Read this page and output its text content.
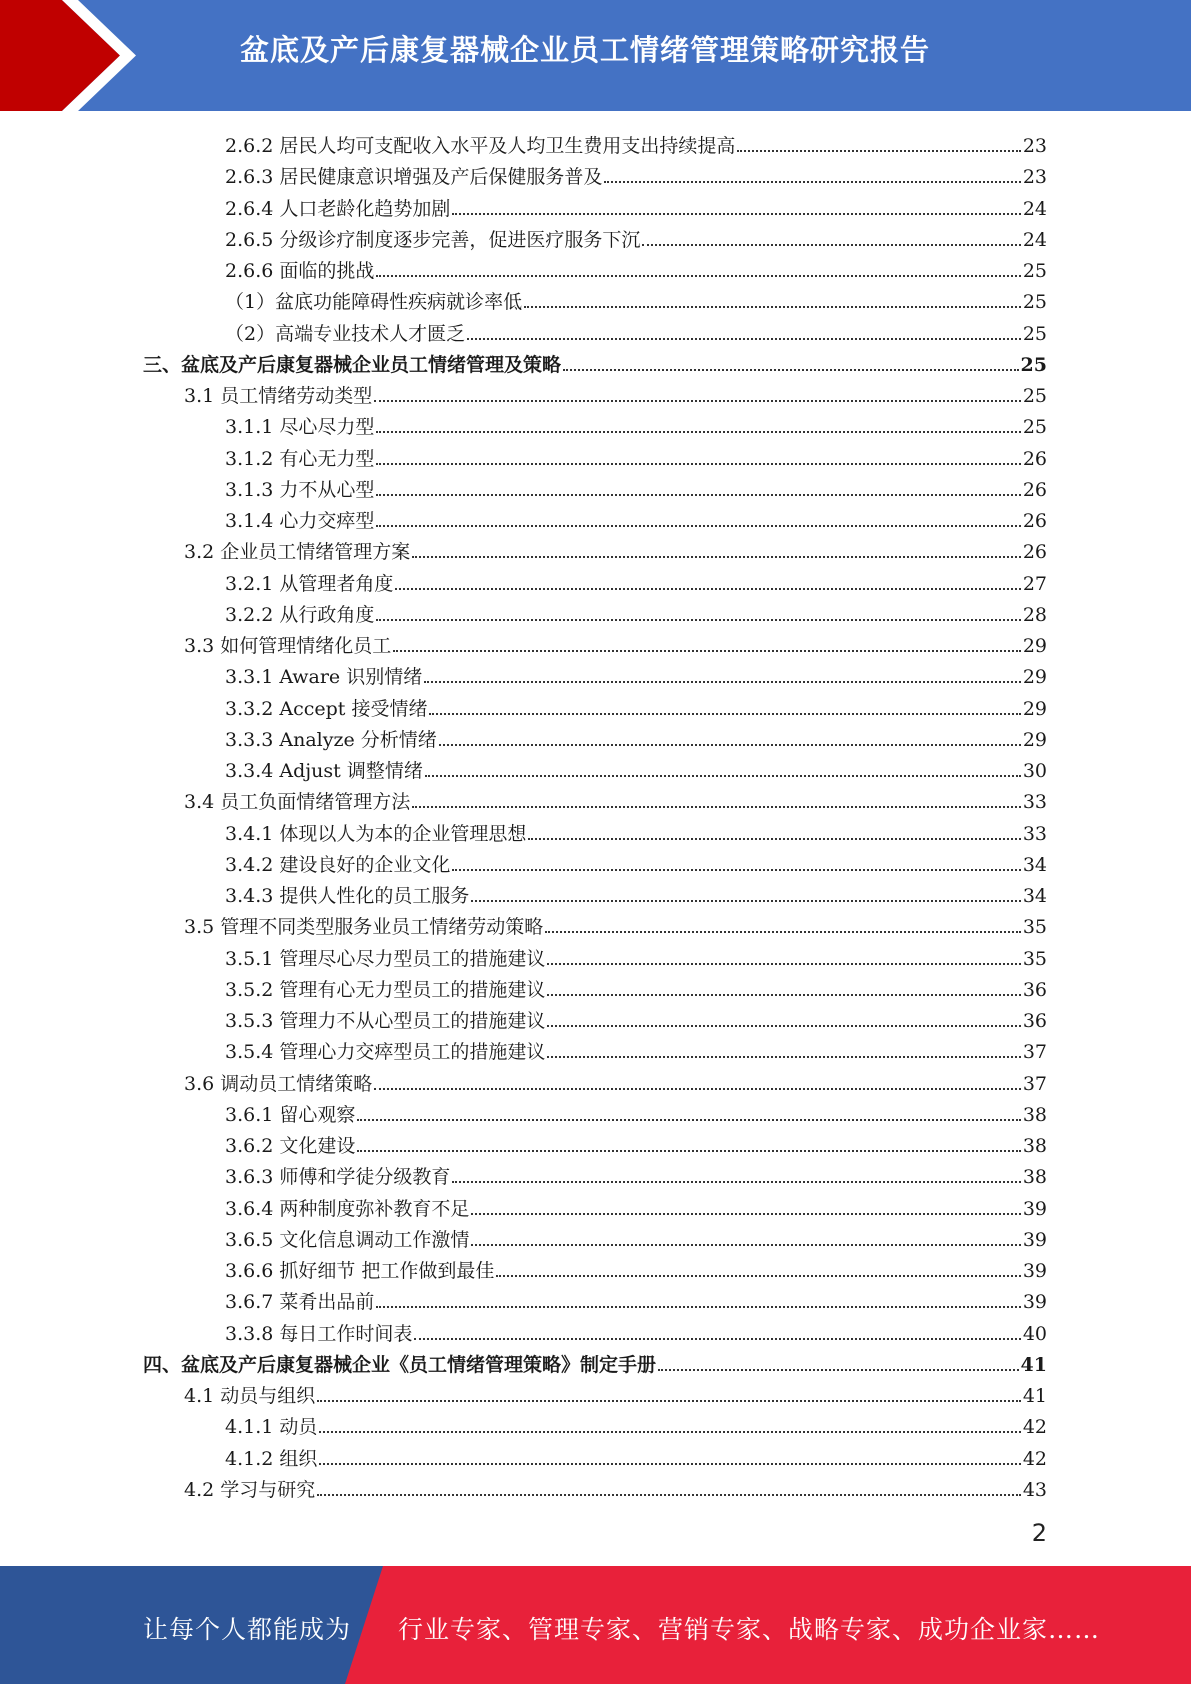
盆底及产后康复器械企业员工情绪管理策略研究报告
2.6.2 居民人均可支配收入水平及人均卫生费用支出持续提高	23
2.6.3 居民健康意识增强及产后保健服务普及	23
2.6.4 人口老龄化趋势加剧	24
2.6.5 分级诊疗制度逐步完善，促进医疗服务下沉	24
2.6.6 面临的挑战	25
（1）盆底功能障碍性疾病就诊率低	25
（2）高端专业技术人才匮乏	25
三、盆底及产后康复器械企业员工情绪管理及策略	25
3.1 员工情绪劳动类型	25
3.1.1 尽心尽力型	25
3.1.2 有心无力型	26
3.1.3 力不从心型	26
3.1.4 心力交瘁型	26
3.2 企业员工情绪管理方案	26
3.2.1 从管理者角度	27
3.2.2 从行政角度	28
3.3 如何管理情绪化员工	29
3.3.1 Aware 识别情绪	29
3.3.2 Accept 接受情绪	29
3.3.3 Analyze 分析情绪	29
3.3.4 Adjust 调整情绪	30
3.4 员工负面情绪管理方法	33
3.4.1 体现以人为本的企业管理思想	33
3.4.2 建设良好的企业文化	34
3.4.3 提供人性化的员工服务	34
3.5 管理不同类型服务业员工情绪劳动策略	35
3.5.1 管理尽心尽力型员工的措施建议	35
3.5.2 管理有心无力型员工的措施建议	36
3.5.3 管理力不从心型员工的措施建议	36
3.5.4 管理心力交瘁型员工的措施建议	37
3.6 调动员工情绪策略	37
3.6.1 留心观察	38
3.6.2 文化建设	38
3.6.3 师傅和学徒分级教育	38
3.6.4 两种制度弥补教育不足	39
3.6.5 文化信息调动工作激情	39
3.6.6 抓好细节 把工作做到最佳	39
3.6.7 菜肴出品前	39
3.3.8 每日工作时间表	40
四、盆底及产后康复器械企业《员工情绪管理策略》制定手册	41
4.1 动员与组织	41
4.1.1 动员	42
4.1.2 组织	42
4.2 学习与研究	43
2
让每个人都能成为 行业专家、管理专家、营销专家、战略专家、成功企业家……
